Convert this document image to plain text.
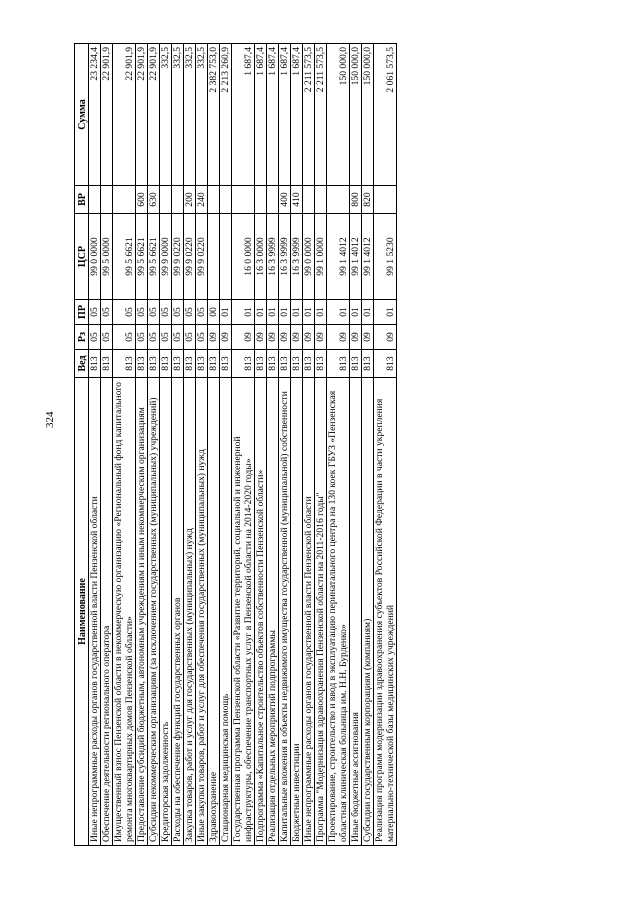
324
Наименование	Вед	Рз	ПР	ЦСР	ВР	Сумма
Иные непрограммные расходы органов государственной власти Пензенской области	813	05	05	99 0 0000		23 234,4
Обеспечение деятельности регионального оператора	813	05	05	99 5 0000		22 901,9
Имущественный взнос Пензенской области в некоммерческую организацию «Региональный фонд капитального ремонта многоквартирных домов Пензенской области»	813	05	05	99 5 6621		22 901,9
Предоставление субсидий бюджетным, автономным учреждениям и иным некоммерческим организациям	813	05	05	99 5 6621	600	22 901,9
Субсидии некоммерческим организациям (за исключением государственных (муниципальных) учреждений)	813	05	05	99 5 6621	630	22 901,9
Кредиторская задолженность	813	05	05	99 9 0000		332,5
Расходы на обеспечение функций государственных органов	813	05	05	99 9 0220		332,5
Закупка товаров, работ и услуг для государственных (муниципальных) нужд	813	05	05	99 9 0220	200	332,5
Иные закупки товаров, работ и услуг для обеспечения государственных (муниципальных) нужд	813	05	05	99 9 0220	240	332,5
Здравоохранение	813	09	00			2 382 753,0
Стационарная медицинская помощь	813	09	01			2 213 260,9
Государственная программа Пензенской области «Развитие территорий, социальной и инженерной инфраструктуры, обеспечение транспортных услуг в Пензенской области на 2014-2020 годы»	813	09	01	16 0 0000		1 687,4
Подпрограмма «Капитальное строительство объектов собственности Пензенской области»	813	09	01	16 3 0000		1 687,4
Реализация отдельных мероприятий подпрограммы	813	09	01	16 3 9999		1 687,4
Капитальные вложения в объекты недвижимого имущества государственной (муниципальной) собственности	813	09	01	16 3 9999	400	1 687,4
Бюджетные инвестиции	813	09	01	16 3 9999	410	1 687,4
Иные непрограммные расходы органов государственной власти Пензенской области	813	09	01	99 0 0000		2 211 573,5
Программа "Модернизация здравоохранения Пензенской области на 2011-2016 годы"	813	09	01	99 1 0000		2 211 573,5
Проектирование, строительство и ввод в эксплуатацию перинатального центра на 130 коек ГБУЗ «Пензенская областная клиническая больница им. Н.Н. Бурденко»	813	09	01	99 1 4012		150 000,0
Иные бюджетные ассигнования	813	09	01	99 1 4012	800	150 000,0
Субсидии государственным корпорациям (компаниям)	813	09	01	99 1 4012	820	150 000,0
Реализация программ модернизации здравоохранения субъектов Российской Федерации в части укрепления материально-технической базы медицинских учреждений	813	09	01	99 1 5230		2 061 573,5
